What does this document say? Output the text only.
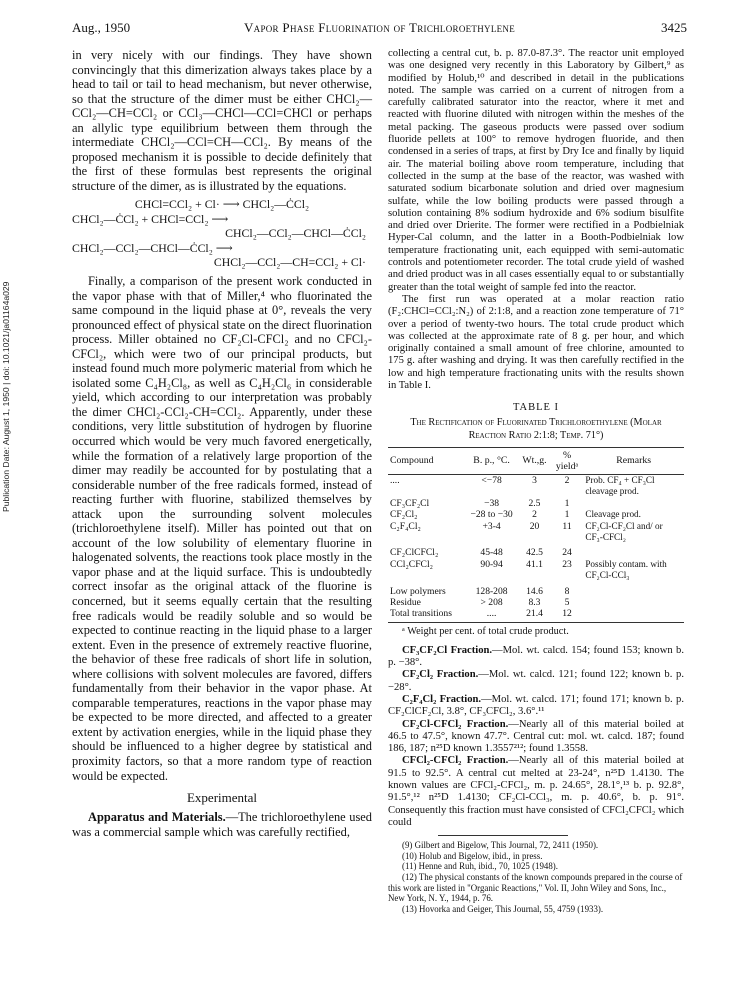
Publication Date: August 1, 1950 | doi: 10.1021/ja01164a029
Aug., 1950	Vapor Phase Fluorination of Trichloroethylene	3425

in very nicely with our findings. They have shown convincingly that this dimerization always takes place by a head to tail or tail to head mechanism, but never otherwise, so that the structure of the dimer must be either CHCl₂—CCl₂—CH=CCl₂ or CCl₃—CHCl—CCl=CHCl or perhaps an allylic type equilibrium between them through the intermediate CHCl₂—CCl=CH—CCl₂. By means of the proposed mechanism it is possible to decide definitely that the first of these formulas best represents the original structure of the dimer, as is illustrated by the equations.

CHCl=CCl₂ + Cl· ⟶ CHCl₂—ĊCl₂
CHCl₂—ĊCl₂ + CHCl=CCl₂ ⟶
CHCl₂—CCl₂—CHCl—ĊCl₂
CHCl₂—CCl₂—CHCl—ĊCl₂ ⟶
CHCl₂—CCl₂—CH=CCl₂ + Cl·

Finally, a comparison of the present work conducted in the vapor phase with that of Miller,⁴ who fluorinated the same compound in the liquid phase at 0°, reveals the very pronounced effect of physical state on the direct fluorination process. Miller obtained no CF₂Cl-CFCl₂ and no CFCl₂-CFCl₂, which were two of our principal products, but instead found much more polymeric material from which he isolated some C₄H₂Cl₈, as well as C₄H₂Cl₆ in considerable yield, which according to our interpretation was probably the dimer CHCl₂-CCl₂-CH=CCl₂. Apparently, under these conditions, very little substitution of hydrogen by fluorine occurred which would be very much favored energetically, while the formation of a relatively large proportion of the dimer may readily be accounted for by postulating that a considerable number of the free radicals formed, instead of reacting further with fluorine, stabilized themselves by attack upon the surrounding solvent molecules (trichloroethylene itself). Miller has pointed out that on account of the low solubility of elementary fluorine in halogenated solvents, the reactions took place mostly in the vapor phase and at the liquid surface. This is undoubtedly correct insofar as the original attack of the fluorine is concerned, but it seems equally certain that the resulting free radicals would be readily soluble and so would be expected to continue reacting in the liquid phase to a larger extent. Even in the presence of extremely reactive fluorine, the behavior of these free radicals of short life in solution, where collisions with solvent molecules are favored, differs fundamentally from their behavior in the vapor phase. At comparable temperatures, reactions in the vapor phase may be expected to be more directed, and affected to a greater extent by activation energies, while in the liquid phase they should be influenced to a higher degree by statistical and proximity factors, so that a more random type of reaction would be expected.

Experimental

Apparatus and Materials.—The trichloroethylene used was a commercial sample which was carefully rectified,

collecting a central cut, b. p. 87.0-87.3°. The reactor unit employed was one designed very recently in this Laboratory by Gilbert,⁹ as modified by Holub,¹⁰ and described in detail in the publications noted. The sample was carried on a current of nitrogen from a carefully calibrated saturator into the reactor, where it met and reacted with fluorine diluted with nitrogen within the meshes of the metal packing. The gaseous products were passed over sodium fluoride pellets at 100° to remove hydrogen fluoride, and then condensed in a series of traps, at first by Dry Ice and finally by liquid air. The material boiling above room temperature, including that collected in the sump at the base of the reactor, was washed with saturated sodium bicarbonate solution and dried over magnesium sulfate, while the low boiling products were passed through a solution containing 8% sodium hydroxide and 6% sodium bisulfite and dried over Drierite. The former were rectified in a Podbielniak Hyper-Cal column, and the latter in a Booth-Podbielniak low temperature fractionating unit, each equipped with semi-automatic controls and potentiometer recorder. The total crude yield of washed and dried product was in all cases essentially equal to or substantially greater than the total weight of sample fed into the reactor.

The first run was operated at a molar reaction ratio (F₂:CHCl=CCl₂:N₂) of 2:1:8, and a reaction zone temperature of 71° over a period of twenty-two hours. The total crude product which was collected at the approximate rate of 8 g. per hour, and which originally contained a small amount of free chlorine, amounted to 175 g. after washing and drying. It was then carefully rectified in the low and high temperature fractionating units with the results shown in Table I.

TABLE I
The Rectification of Fluorinated Trichloroethylene (Molar Reaction Ratio 2:1:8; Temp. 71°)
Compound	B. p., °C.	Wt.,g.	% yieldᵃ	Remarks
....	<−78	3	2	Prob. CF₄ + CF₃Cl cleavage prod.
CF₃CF₂Cl	−38	2.5	1	
CF₂Cl₂	−28 to −30	2	1	Cleavage prod.
C₂F₄Cl₂	+3-4	20	11	CF₂Cl-CF₂Cl and/ or CF₃-CFCl₂
CF₂ClCFCl₂	45-48	42.5	24	
CCl₂CFCl₂	90-94	41.1	23	Possibly contam. with CF₂Cl-CCl₃
Low polymers	128-208	14.6	8	
Residue	> 208	8.3	5	
Total transitions	....	21.4	12	
ᵃ Weight per cent. of total crude product.

CF₃CF₂Cl Fraction.—Mol. wt. calcd. 154; found 153; known b. p. −38°.

CF₂Cl₂ Fraction.—Mol. wt. calcd. 121; found 122; known b. p. −28°.

C₂F₄Cl₂ Fraction.—Mol. wt. calcd. 171; found 171; known b. p. CF₂ClCF₂Cl, 3.8°, CF₃CFCl₂, 3.6°.¹¹

CF₂Cl-CFCl₂ Fraction.—Nearly all of this material boiled at 46.5 to 47.5°, known 47.7°. Central cut: mol. wt. calcd. 187; found 186, 187; n²⁵D known 1.3557²¹²; found 1.3558.

CFCl₂-CFCl₂ Fraction.—Nearly all of this material boiled at 91.5 to 92.5°. A central cut melted at 23-24°, n²⁵D 1.4130. The known values are CFCl₂-CFCl₂, m. p. 24.65°, 28.1°,¹³ b. p. 92.8°, 91.5°,¹² n²⁵D 1.4130; CF₂Cl-CCl₃, m. p. 40.6°, b. p. 91°. Consequently this fraction must have consisted of CFCl₂CFCl₂ which could

(9) Gilbert and Bigelow, This Journal, 72, 2411 (1950).

(10) Holub and Bigelow, ibid., in press.

(11) Henne and Ruh, ibid., 70, 1025 (1948).

(12) The physical constants of the known compounds prepared in the course of this work are listed in "Organic Reactions," Vol. II, John Wiley and Sons, Inc., New York, N. Y., 1944, p. 76.

(13) Hovorka and Geiger, This Journal, 55, 4759 (1933).
